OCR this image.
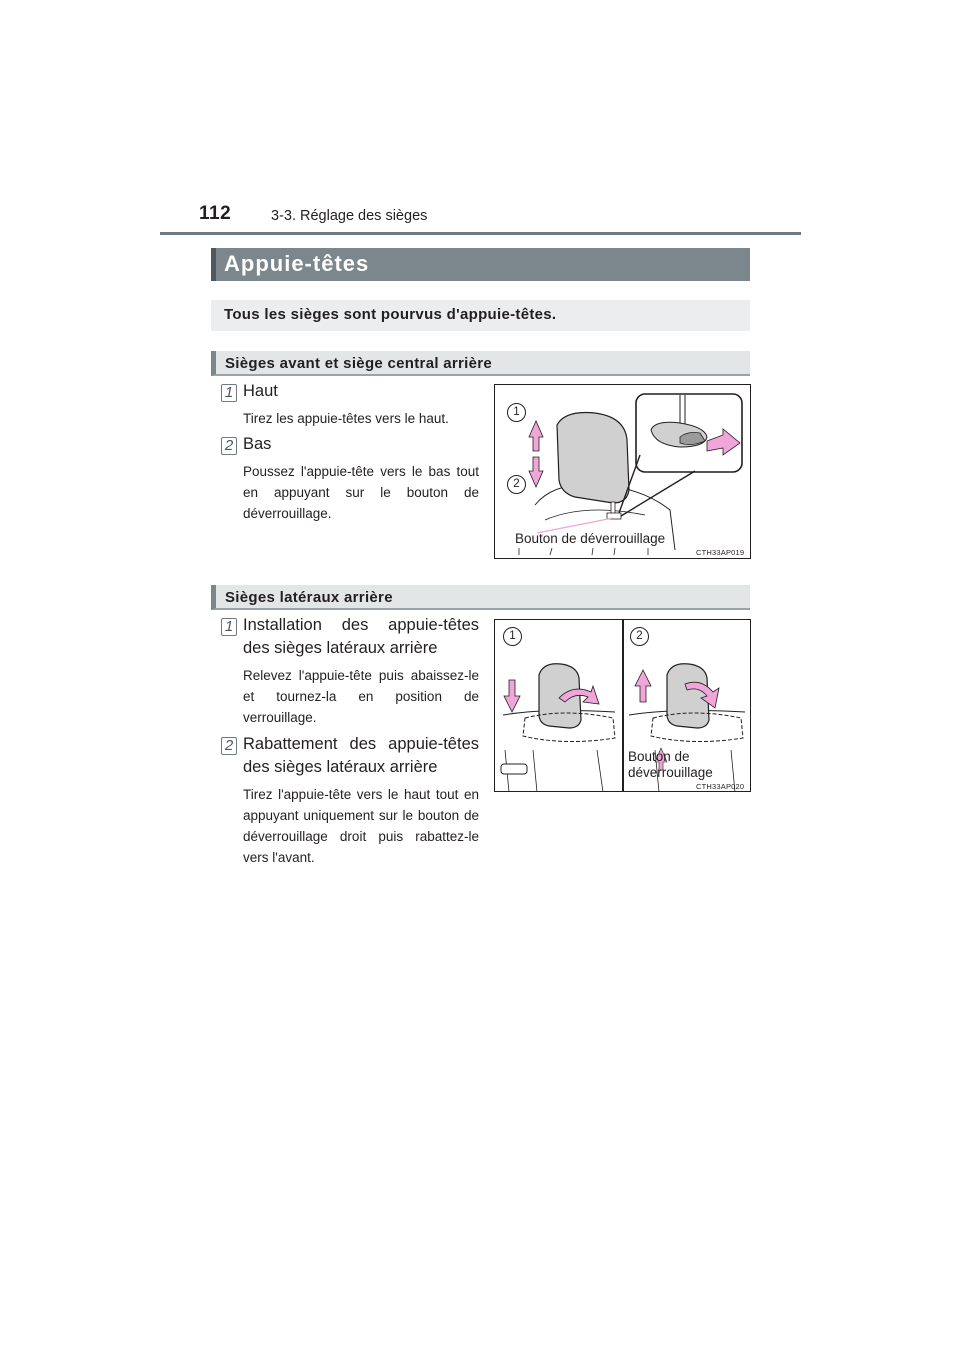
112	3-3. Réglage des sièges
Appuie-têtes
Tous les sièges sont pourvus d'appuie-têtes.
Sièges avant et siège central arrière
1 Haut
Tirez les appuie-têtes vers le haut.
2 Bas
Poussez l'appuie-tête vers le bas tout en appuyant sur le bouton de déverrouillage.
1
2
Bouton de déverrouillage
CTH33AP019
Sièges latéraux arrière
1 Installation des appuie-têtes des sièges latéraux arrière
Relevez l'appuie-tête puis abaissez-le et tournez-la en position de verrouillage.
2 Rabattement des appuie-têtes des sièges latéraux arrière
Tirez l'appuie-tête vers le haut tout en appuyant uniquement sur le bouton de déverrouillage droit puis rabattez-le vers l'avant.
1	2
Bouton de
déverrouillage
CTH33AP020
